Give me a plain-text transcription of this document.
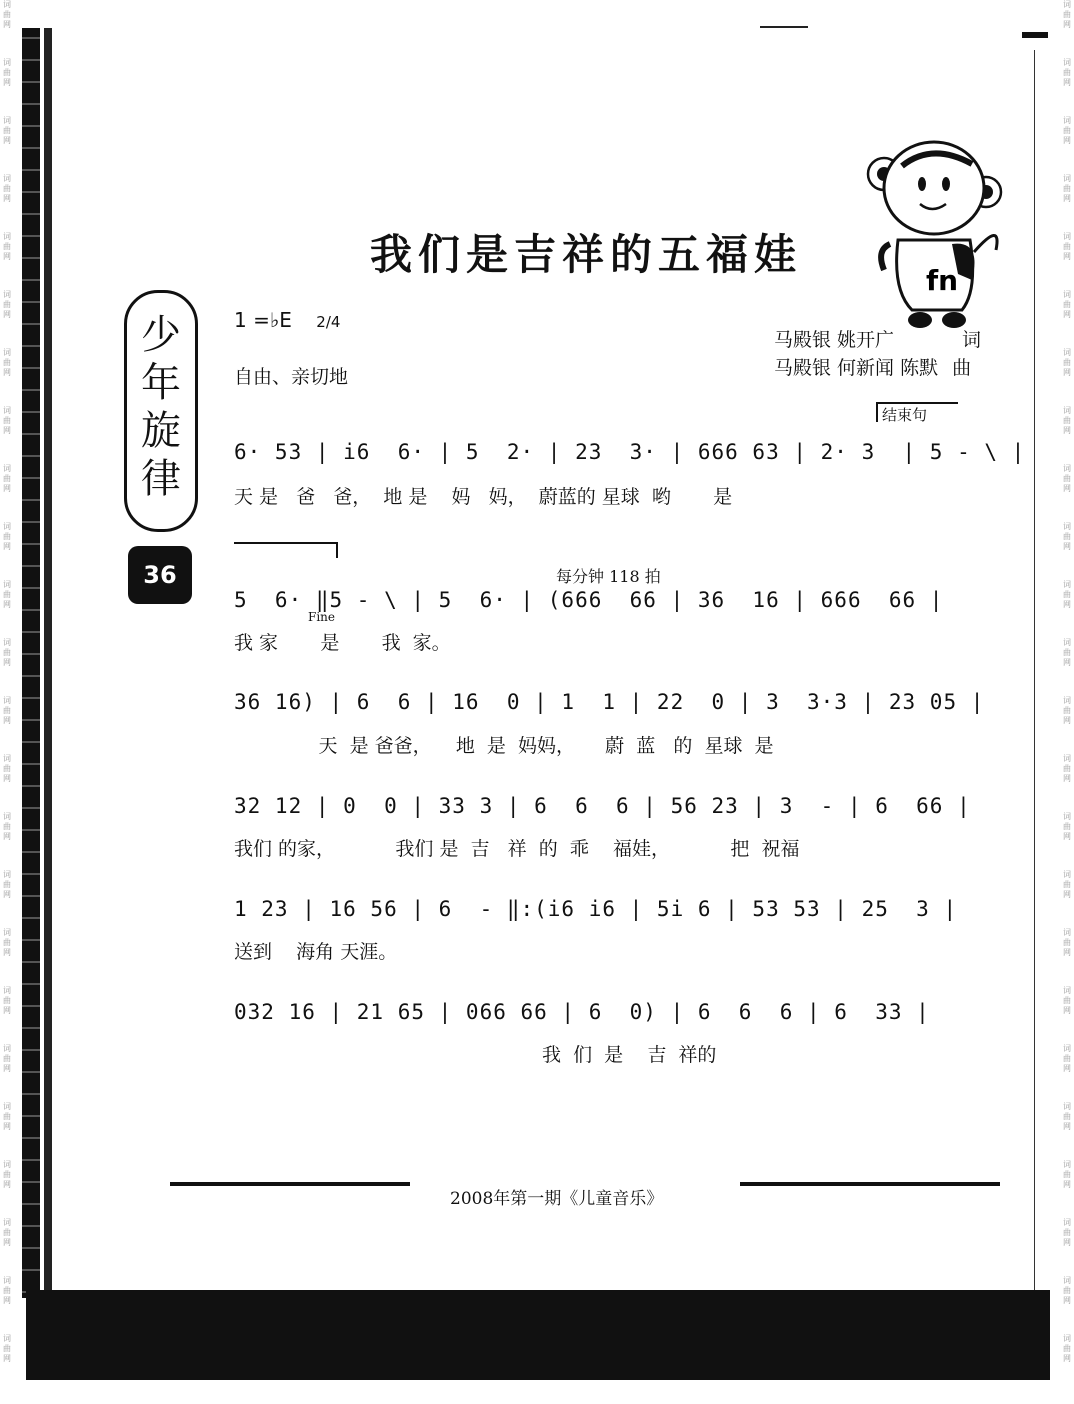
词
曲
网
词
曲
网
词
曲
网
词
曲
网
词
曲
网
词
曲
网
词
曲
网
词
曲
网
词
曲
网
词
曲
网
词
曲
网
词
曲
网
词
曲
网
词
曲
网
词
曲
网
词
曲
网
词
曲
网
词
曲
网
词
曲
网
词
曲
网
词
曲
网
词
曲
网
词
曲
网
词
曲
网
词
曲
网
词
曲
网
词
曲
网
词
曲
网
词
曲
网
词
曲
网
词
曲
网
词
曲
网
词
曲
网
词
曲
网
词
曲
网
词
曲
网
词
曲
网
词
曲
网
词
曲
网
词
曲
网
词
曲
网
词
曲
网
词
曲
网
词
曲
网
词
曲
网
词
曲
网
词
曲
网
词
曲
网
少年旋律
36
我们是吉祥的五福娃
fn
1 =♭E 2/4
自由、亲切地
马殿银 姚开广	词
马殿银 何新闻 陈默 曲
结束句
Fine
每分钟 118 拍
6· 53 | i6  6· | 5  2· | 23  3· | 666 63 | 2· 3  | 5 - \ |
天 是   爸   爸，  地 是    妈   妈，  蔚蓝的 星球  哟       是
5  6· ‖5 - \ | 5  6· | (666  66 | 36  16 | 666  66 |
我 家       是       我  家。
36 16) | 6  6 | 16  0 | 1  1 | 22  0 | 3  3·3 | 23 05 |
天  是 爸爸，    地  是  妈妈，     蔚  蓝   的  星球  是
32 12 | 0  0 | 33 3 | 6  6  6 | 56 23 | 3  - | 6  66 |
我们 的家，          我们 是  吉   祥  的  乖    福娃，          把  祝福
1 23 | 16 56 | 6  - ‖:(i6 i6 | 5i 6 | 53 53 | 25  3 |
送到    海角 天涯。
032 16 | 21 65 | 066 66 | 6  0) | 6  6  6 | 6  33 |
我  们  是    吉  祥的
2008年第一期《儿童音乐》
